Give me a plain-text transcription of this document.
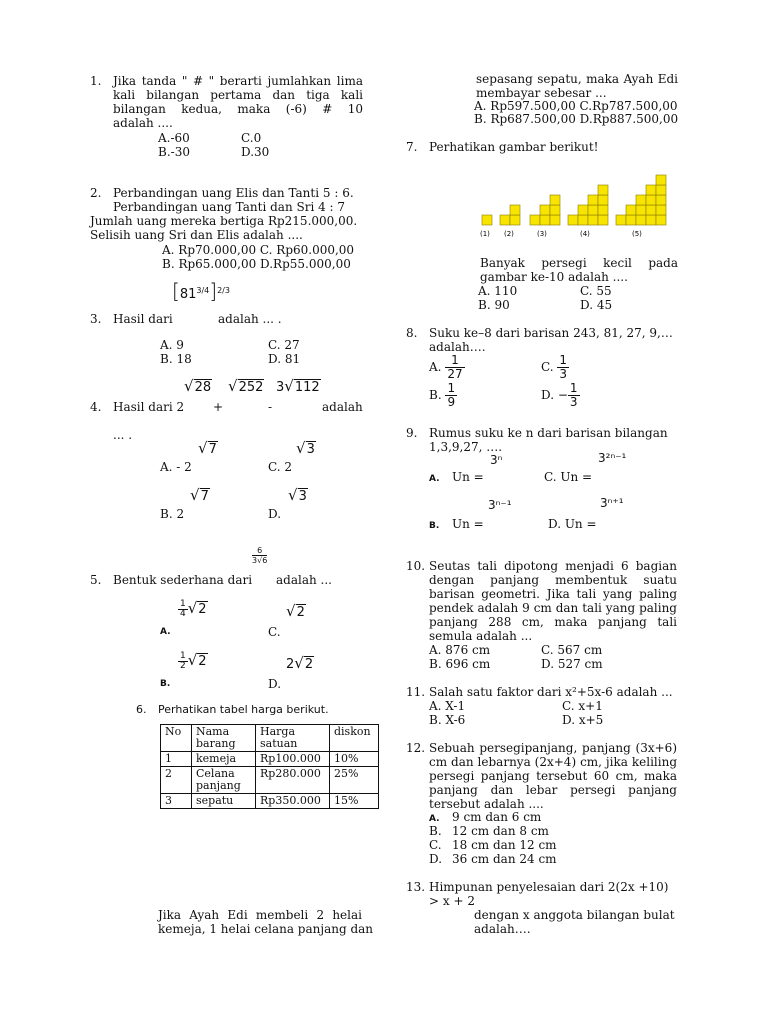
1. Jika tanda " # " berarti jumlahkan lima
kali bilangan pertama dan tiga kali
bilangan kedua, maka (-6) # 10
adalah ....
A.-60	C.0
B.-30	D.30
2. Perbandingan uang Elis dan Tanti 5 : 6.
Perbandingan uang Tanti dan Sri 4 : 7
Jumlah uang mereka bertiga Rp215.000,00.
Selisih uang Sri dan Elis adalah ....
A. Rp70.000,00 C. Rp60.000,00
B. Rp65.000,00 D.Rp55.000,00
$[81^{3/4}]^{2/3}$
3. Hasil dari	adalah ... .
A. 9	C. 27
B. 18	D. 81
√28 √252 3√112
4. Hasil dari 2 +	-	adalah
... .
√7	√3
A. - 2	C. 2
√7	√3
B. 2	D.
6
3√6
5. Bentuk sederhana dari adalah ...
$\frac{1}{4} √2$	√2
A.	C.
$\frac{1}{2} √2$	2√2
B.	D.
6. Perhatikan tabel harga berikut.
No	Nama barang	Harga satuan	diskon
1	kemeja	Rp100.000	10%
2	Celana panjang	Rp280.000	25%
3	sepatu	Rp350.000	15%
Jika Ayah Edi membeli 2 helai
kemeja, 1 helai celana panjang dan
sepasang sepatu, maka Ayah Edi
membayar sebesar ...
A. Rp597.500,00 C.Rp787.500,00
B. Rp687.500,00 D.Rp887.500,00
7. Perhatikan gambar berikut!
(1) (2)	(3)	(4)	(5)
Banyak persegi kecil pada
gambar ke-10 adalah ....
A. 110	C. 55
B. 90	D. 45
8. Suku ke–8 dari barisan 243, 81, 27, 9,…
adalah….
A. $\frac{1}{27}$	C. $\frac{1}{3}$
B. $\frac{1}{9}$	D. − $\frac{1}{3}$
9. Rumus suku ke n dari barisan bilangan
1,3,9,27, ….
3ⁿ	3²ⁿ⁻¹
A. Un =	C. Un =
3ⁿ⁻¹	3ⁿ⁺¹
B. Un =	D. Un =
10. Seutas tali dipotong menjadi 6 bagian
dengan panjang membentuk suatu
barisan geometri. Jika tali yang paling
pendek adalah 9 cm dan tali yang paling
panjang 288 cm, maka panjang tali
semula adalah ...
A. 876 cm	C. 567 cm
B. 696 cm	D. 527 cm
11. Salah satu faktor dari x²+5x-6 adalah ...
A. X-1	C. x+1
B. X-6	D. x+5
12. Sebuah persegipanjang, panjang (3x+6)
cm dan lebarnya (2x+4) cm, jika keliling
persegi panjang tersebut 60 cm, maka
panjang dan lebar persegi panjang
tersebut adalah ....
A. 9 cm dan 6 cm
B. 12 cm dan 8 cm
C. 18 cm dan 12 cm
D. 36 cm dan 24 cm
13. Himpunan penyelesaian dari 2(2x +10)
> x + 2
dengan x anggota bilangan bulat
adalah….
